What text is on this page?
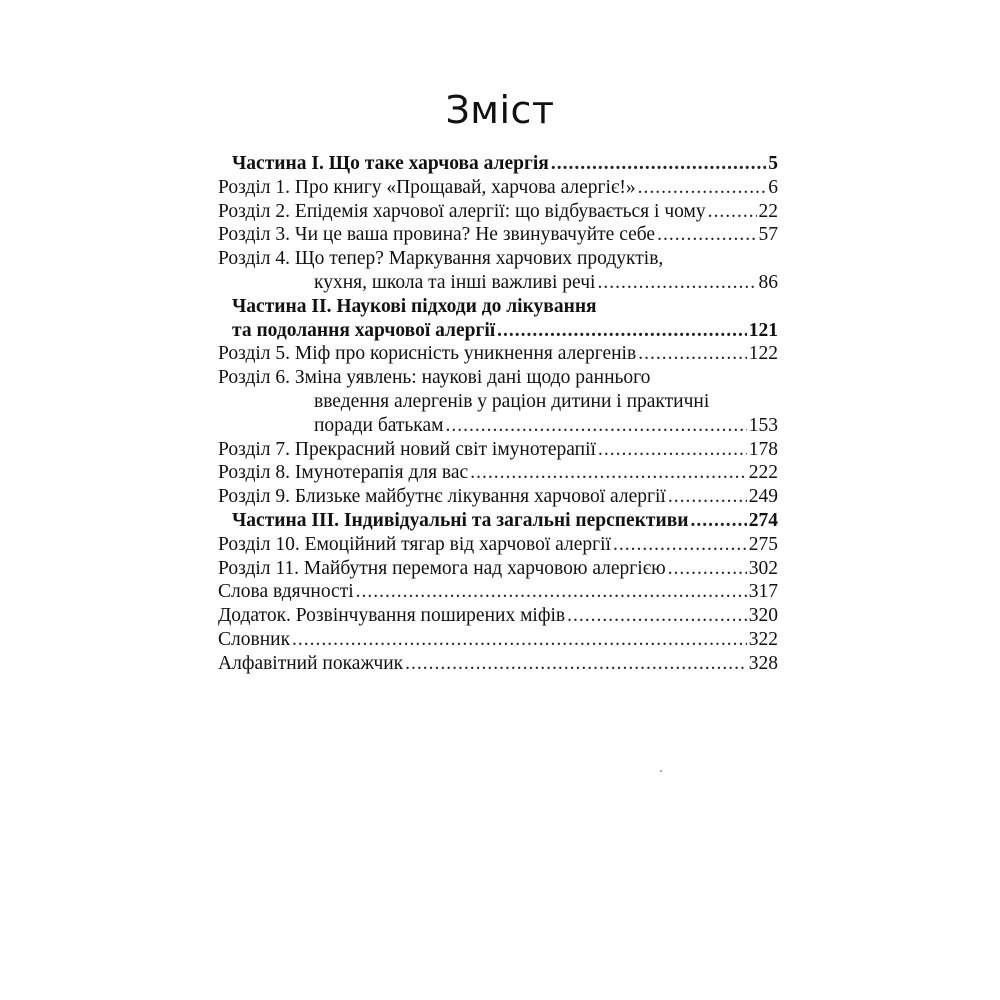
Зміст
Частина І. Що таке харчова алергія .....	5
Розділ 1. Про книгу «Прощавай, харчова алергіє!» .....	6
Розділ 2. Епідемія харчової алергії: що відбувається і чому .....	22
Розділ 3. Чи це ваша провина? Не звинувачуйте себе .....	57
Розділ 4. Що тепер? Маркування харчових продуктів,
кухня, школа та інші важливі речі .....	86
Частина II. Наукові підходи до лікування
та подолання харчової алергії .....	121
Розділ 5. Міф про корисність уникнення алергенів .....	122
Розділ 6. Зміна уявлень: наукові дані щодо раннього
введення алергенів у раціон дитини і практичні
поради батькам .....	153
Розділ 7. Прекрасний новий світ імунотерапії .....	178
Розділ 8. Імунотерапія для вас .....	222
Розділ 9. Близьке майбутнє лікування харчової алергії .....	249
Частина III. Індивідуальні та загальні перспективи .....	274
Розділ 10. Емоційний тягар від харчової алергії .....	275
Розділ 11. Майбутня перемога над харчовою алергією .....	302
Слова вдячності .....	317
Додаток. Розвінчування поширених міфів .....	320
Словник .....	322
Алфавітний покажчик .....	328
